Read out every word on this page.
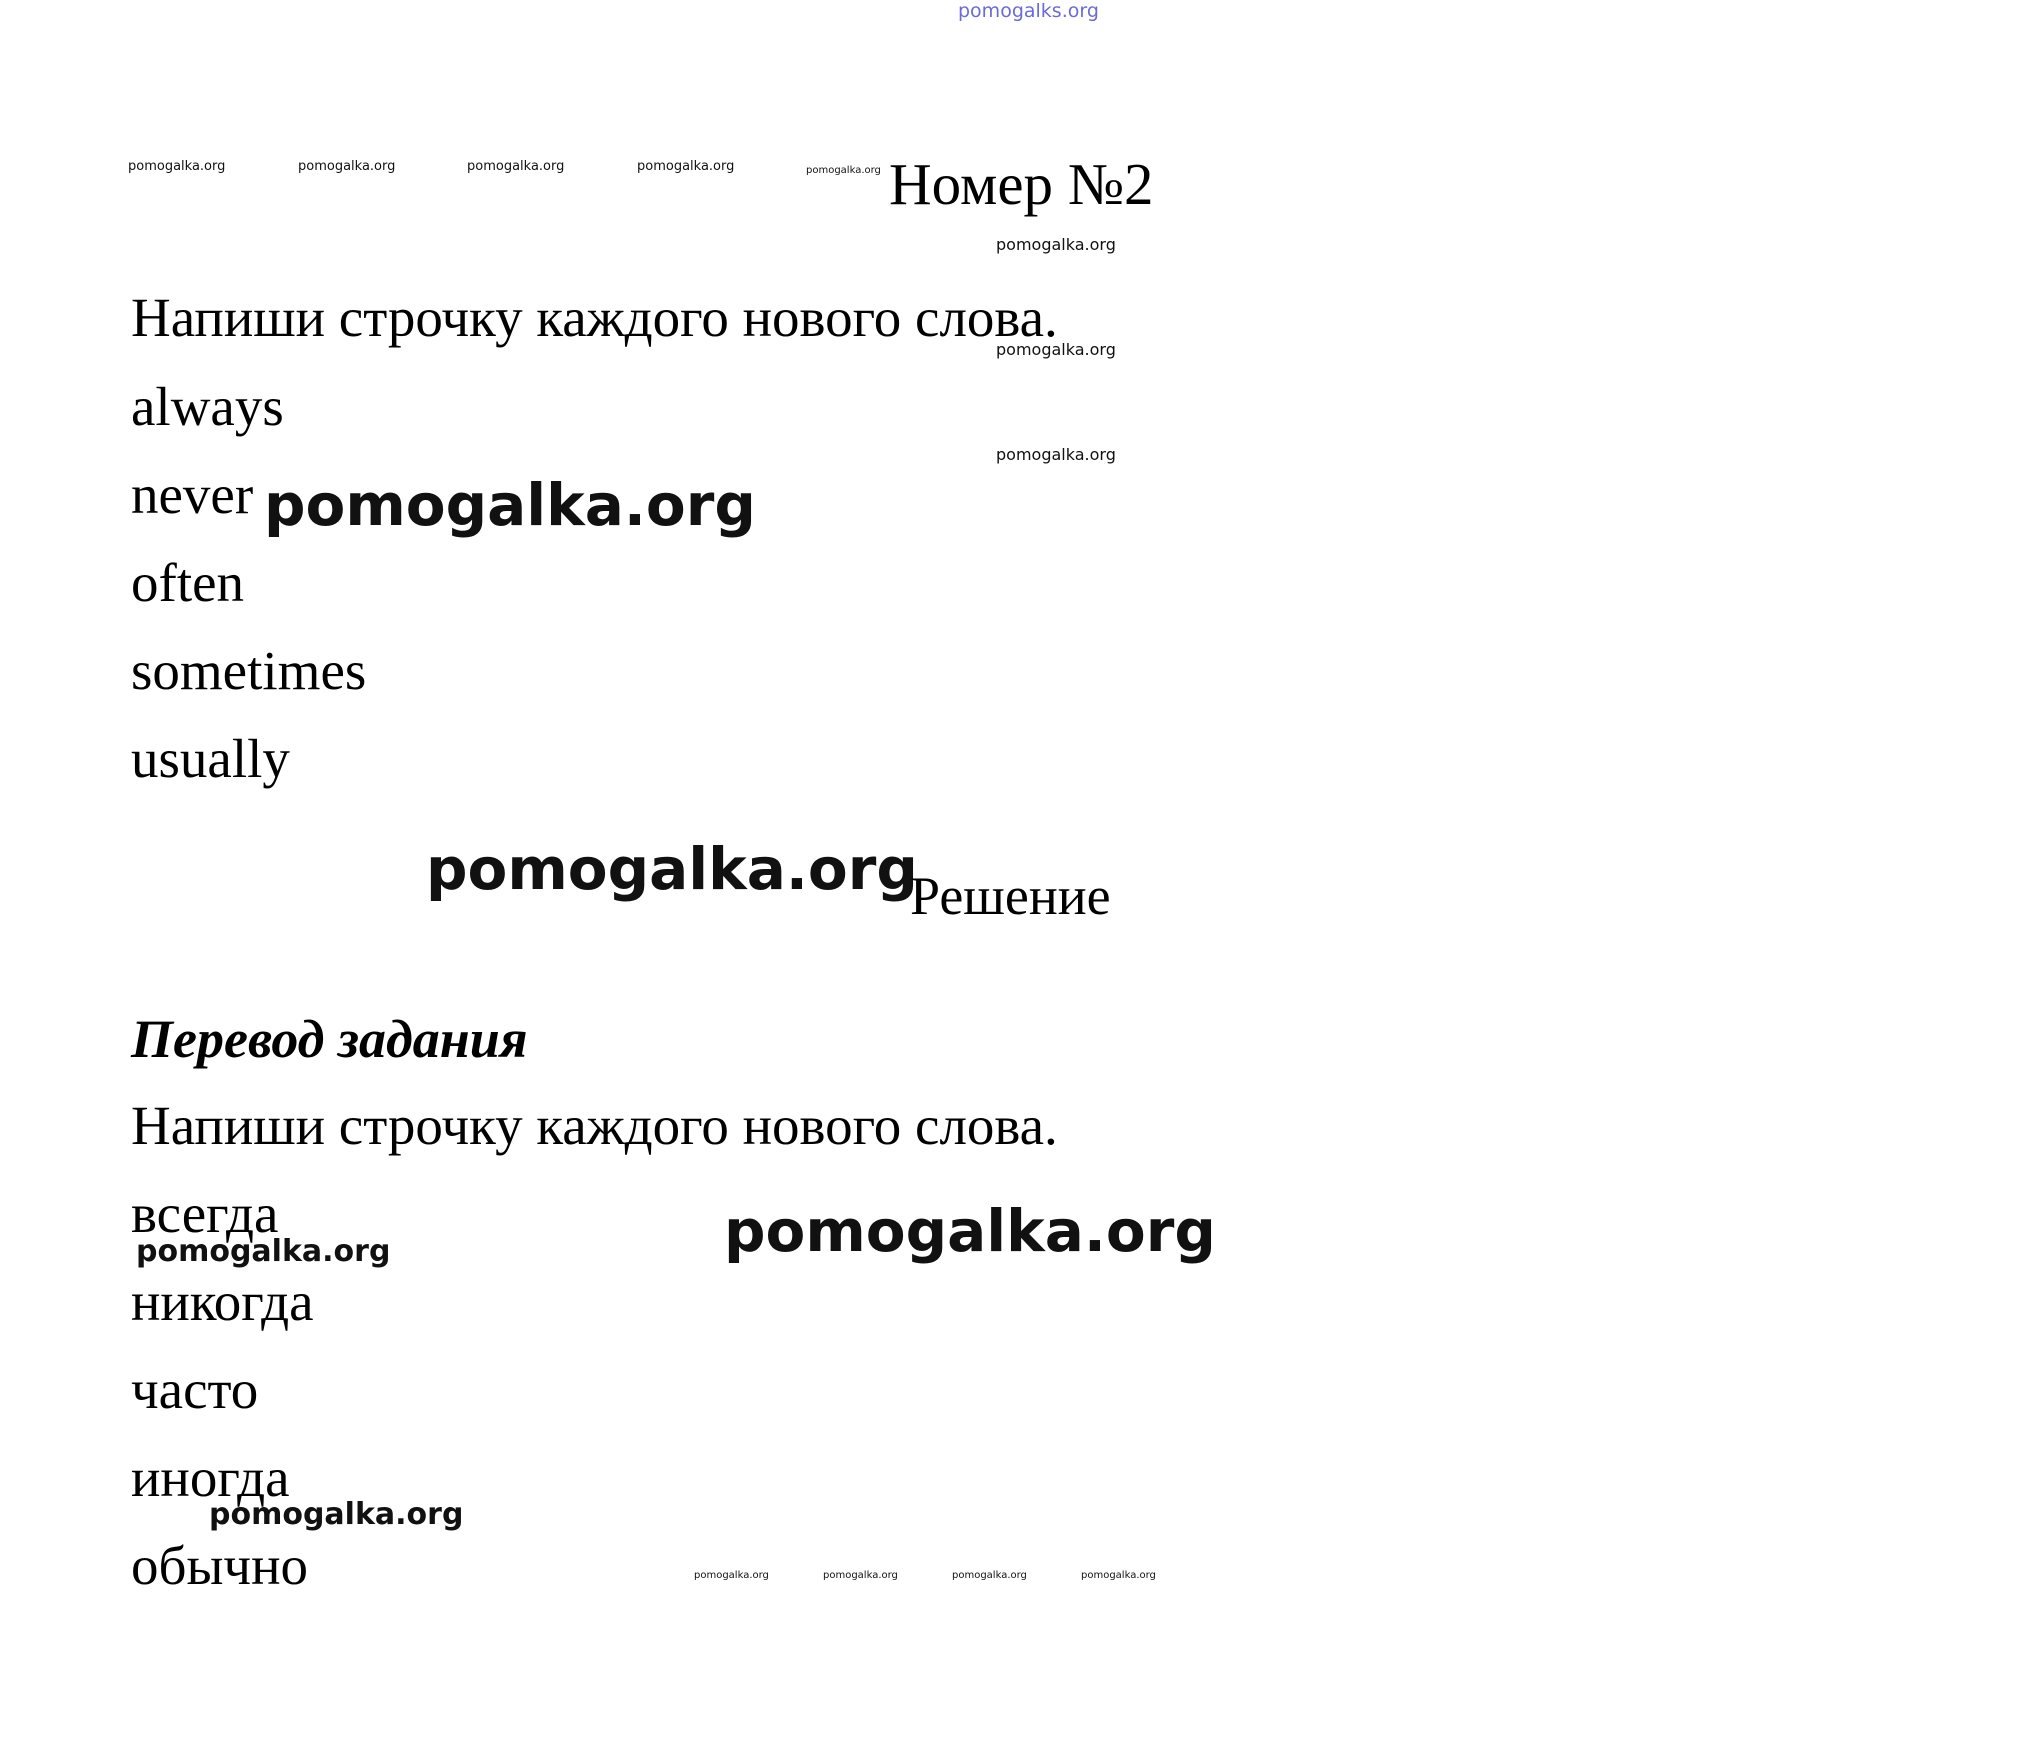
pomogalks.org
pomogalka.org	pomogalka.org	pomogalka.org	pomogalka.org	pomogalka.org Номер №2
pomogalka.org
pomogalka.org
pomogalka.org
Напиши строчку каждого нового слова.
always
never
often
sometimes
usually
pomogalka.org
pomogalka.org
Решение
Перевод задания
Напиши строчку каждого нового слова.
всегда
никогда
часто
иногда
обычно
pomogalka.org	pomogalka.org
pomogalka.org
pomogalka.org	pomogalka.org	pomogalka.org	pomogalka.org
